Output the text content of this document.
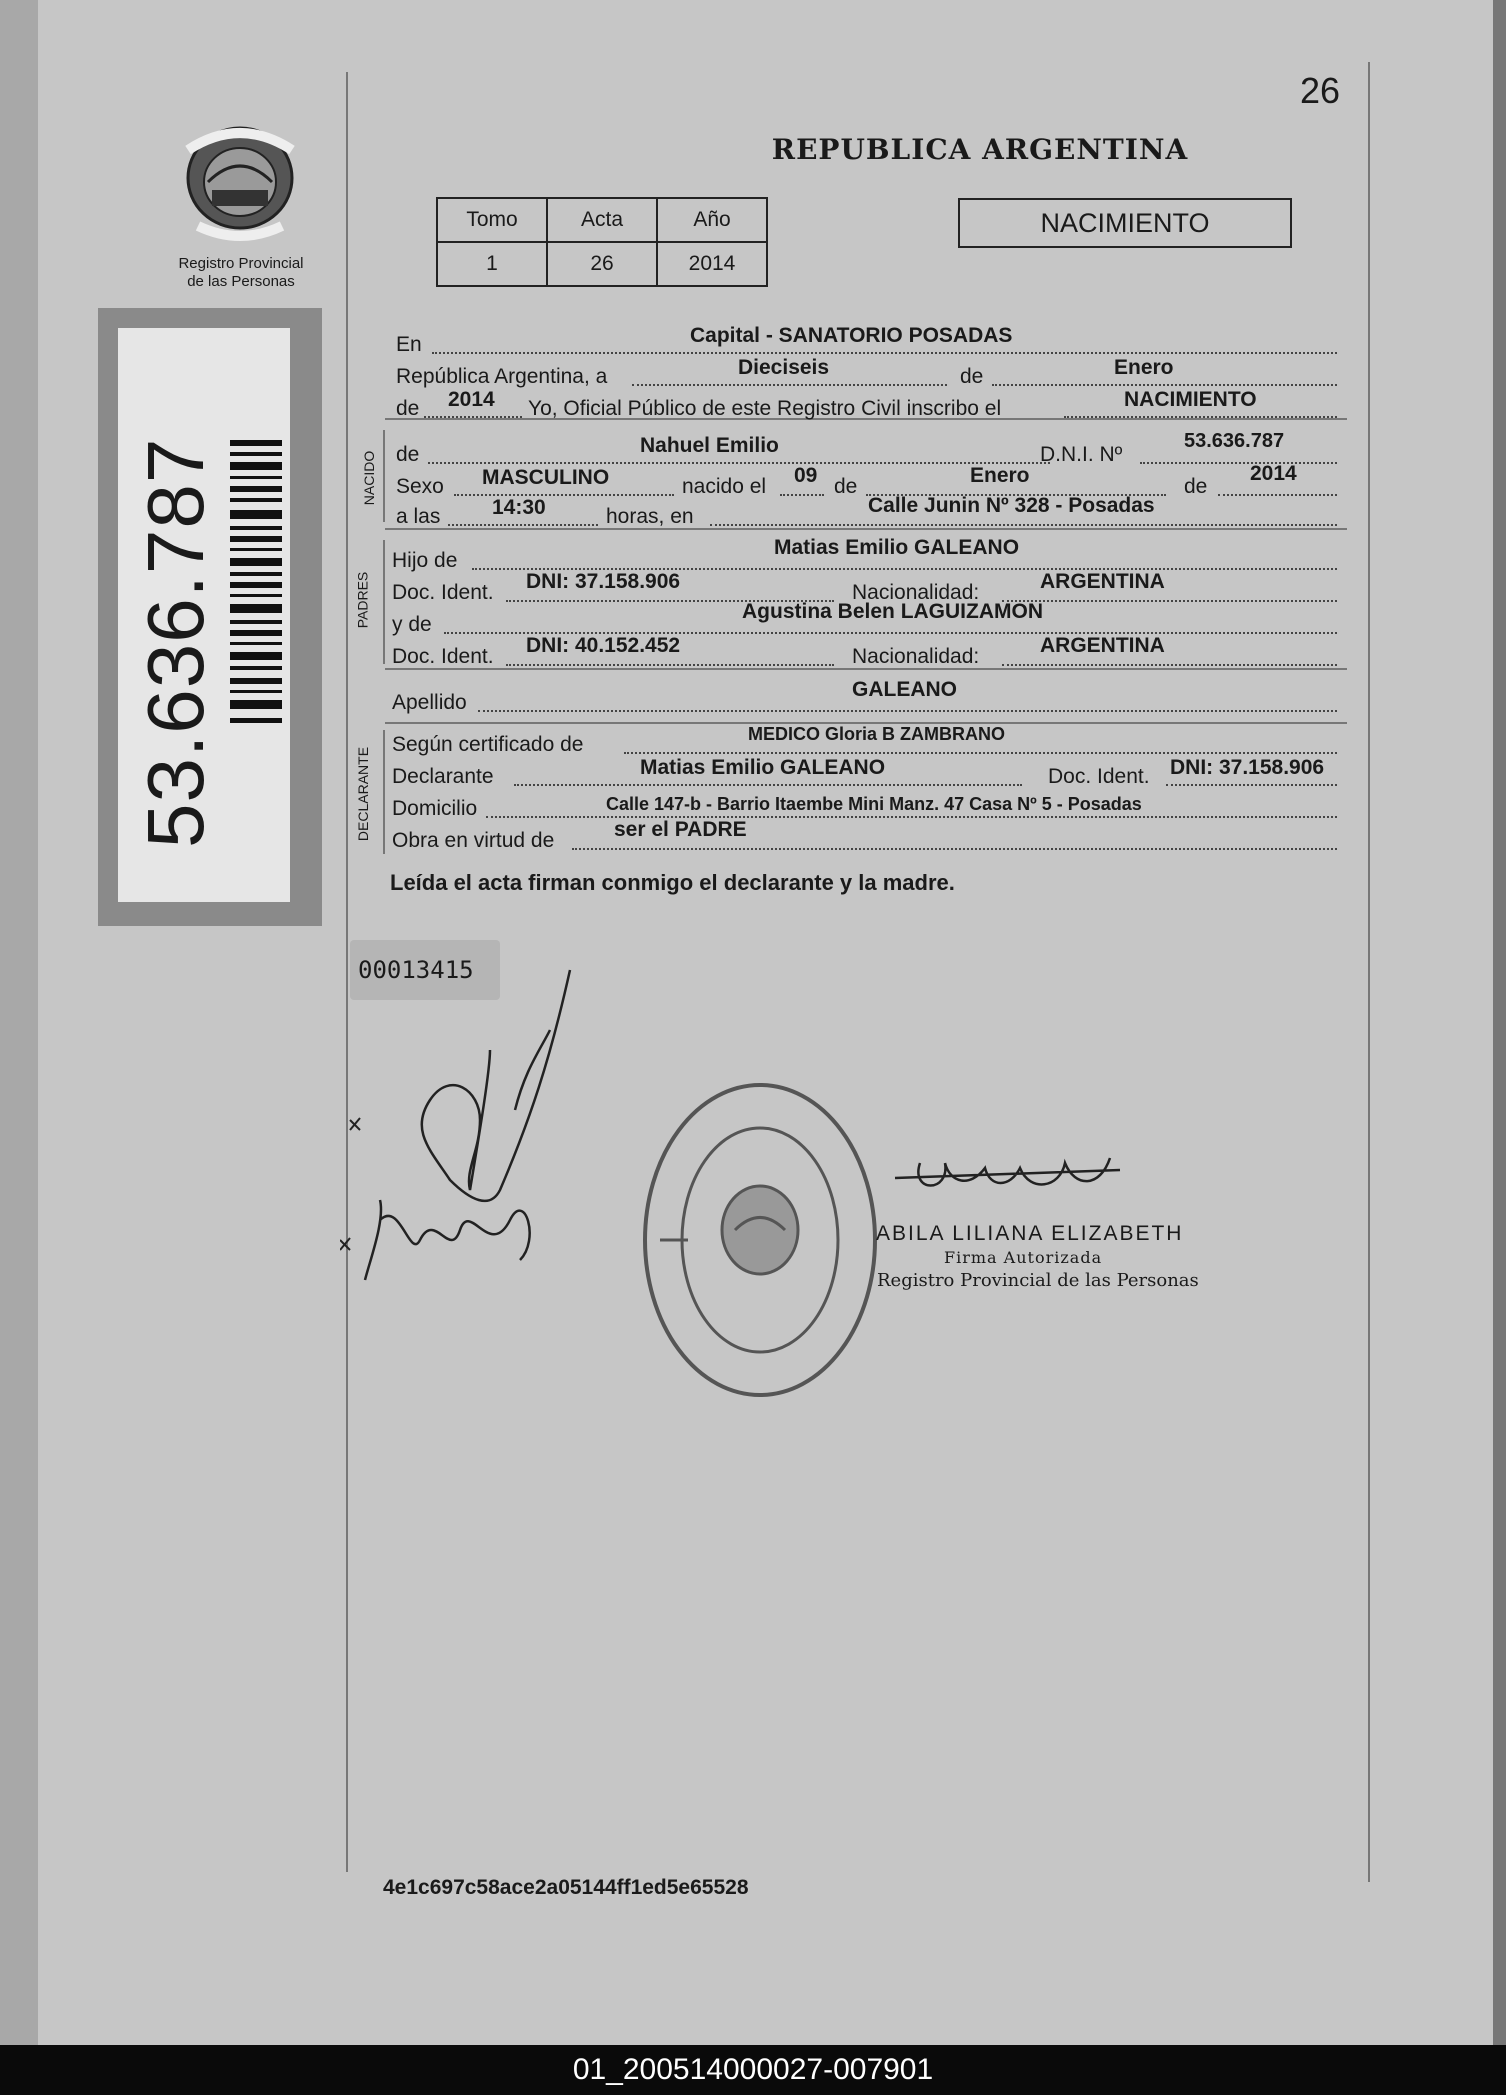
26
REPUBLICA ARGENTINA
Registro Provincial
de las Personas
53.636.787
Tomo	Acta	Año
1	26	2014
NACIMIENTO
NACIDO
PADRES
DECLARANTE
En	Capital - SANATORIO POSADAS
República Argentina, a	Dieciseis	de	Enero
de 2014 Yo, Oficial Público de este Registro Civil inscribo el	NACIMIENTO
de	Nahuel Emilio	D.N.I. Nº
53.636.787
Sexo MASCULINO	nacido el 09 de	Enero	de
2014
a las 14:30	horas, en	Calle Junin Nº 328 - Posadas
Hijo de
Matias Emilio GALEANO
Doc. Ident. DNI: 37.158.906	Nacionalidad:	ARGENTINA
y de
Agustina Belen LAGUIZAMON
Doc. Ident. DNI: 40.152.452	Nacionalidad:	ARGENTINA
Apellido
GALEANO
Según certificado de	MEDICO Gloria B ZAMBRANO
Declarante	Matias Emilio GALEANO	Doc. Ident. DNI: 37.158.906
Domicilio	Calle 147-b - Barrio Itaembe Mini Manz. 47 Casa Nº 5 - Posadas
Obra en virtud de	ser el PADRE
Leída el acta firman conmigo el declarante y la madre.
00013415
ABILA LILIANA ELIZABETH
Firma Autorizada
Registro Provincial de las Personas
4e1c697c58ace2a05144ff1ed5e65528
01_200514000027-007901
